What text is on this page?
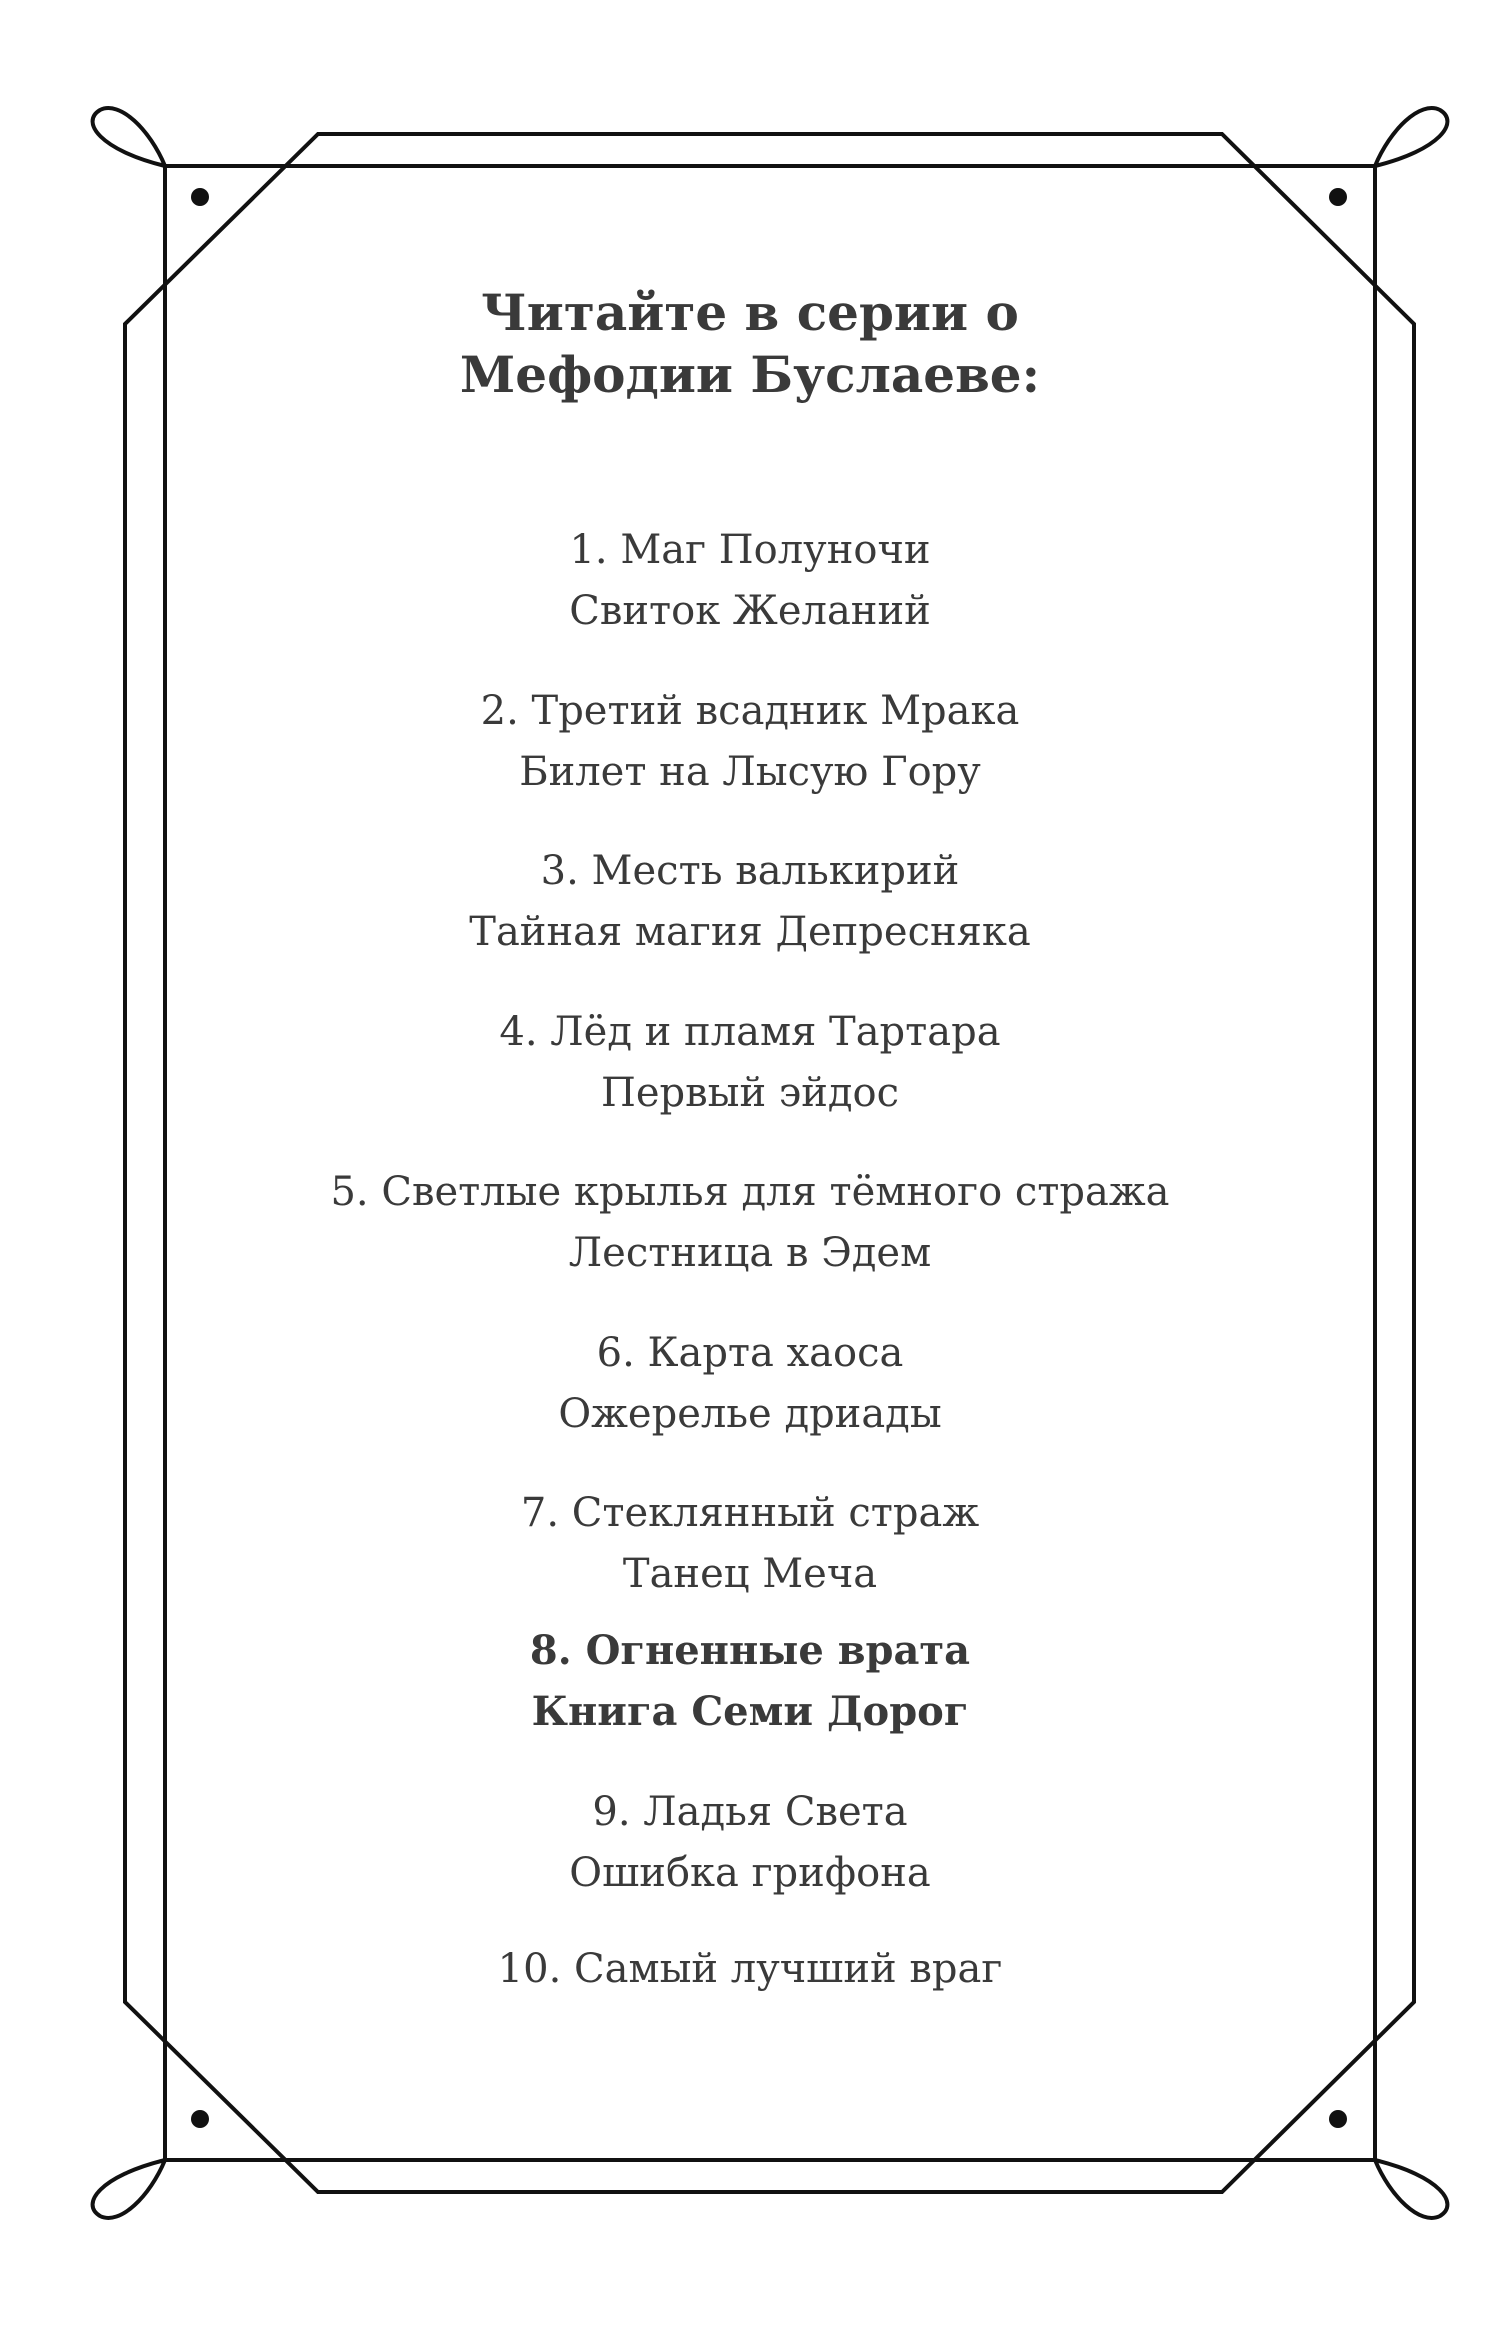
Читайте в серии о
Мефодии Буслаеве:
1. Маг Полуночи
Свиток Желаний
2. Третий всадник Мрака
Билет на Лысую Гору
3. Месть валькирий
Тайная магия Депресняка
4. Лёд и пламя Тартара
Первый эйдос
5. Светлые крылья для тёмного стража
Лестница в Эдем
6. Карта хаоса
Ожерелье дриады
7. Стеклянный страж
Танец Меча
8. Огненные врата
Книга Семи Дорог
9. Ладья Света
Ошибка грифона
10. Самый лучший враг
